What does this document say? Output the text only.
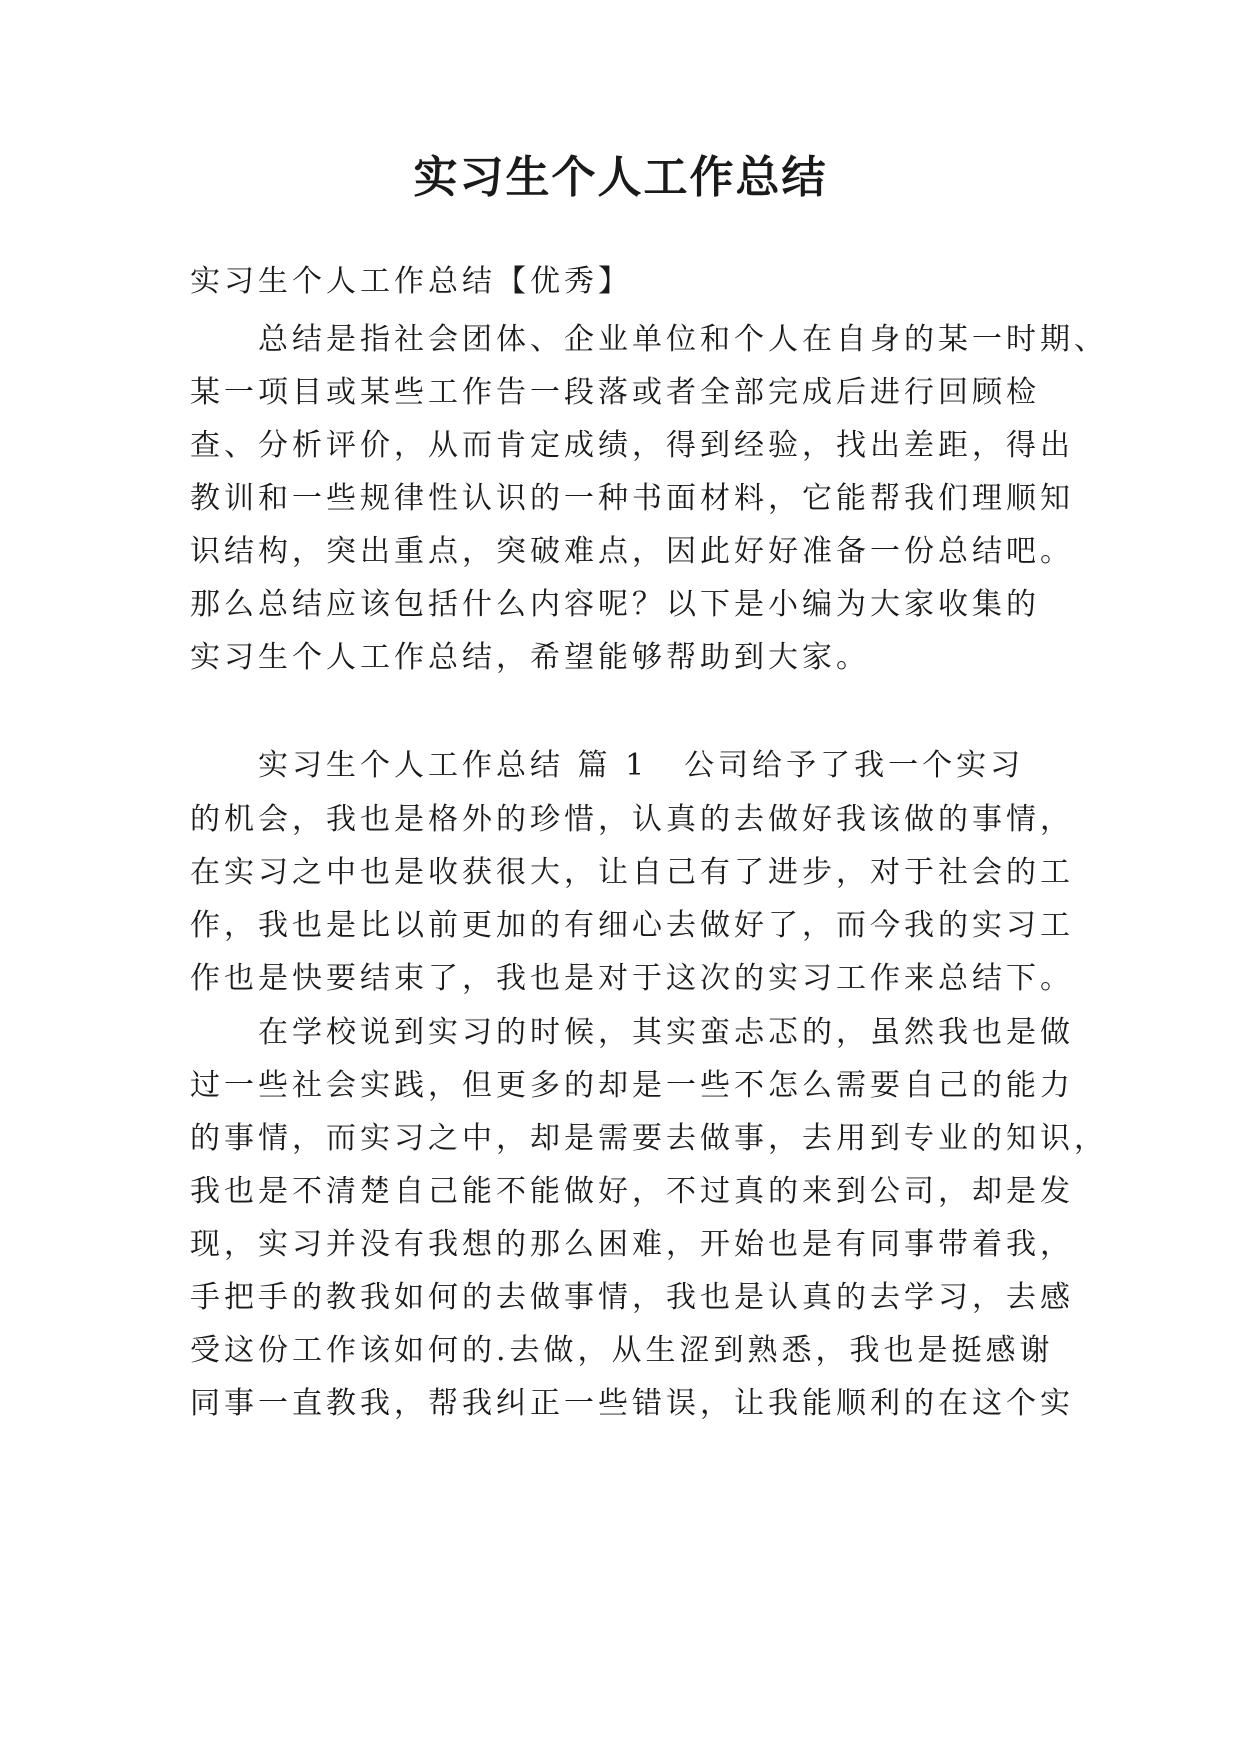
实习生个人工作总结
实习生个人工作总结【优秀】
总结是指社会团体、企业单位和个人在自身的某一时期、
某一项目或某些工作告一段落或者全部完成后进行回顾检
查、分析评价，从而肯定成绩，得到经验，找出差距，得出
教训和一些规律性认识的一种书面材料，它能帮我们理顺知
识结构，突出重点，突破难点，因此好好准备一份总结吧。
那么总结应该包括什么内容呢？以下是小编为大家收集的
实习生个人工作总结，希望能够帮助到大家。
实习生个人工作总结 篇 1 公司给予了我一个实习
的机会，我也是格外的珍惜，认真的去做好我该做的事情，
在实习之中也是收获很大，让自己有了进步，对于社会的工
作，我也是比以前更加的有细心去做好了，而今我的实习工
作也是快要结束了，我也是对于这次的实习工作来总结下。
在学校说到实习的时候，其实蛮忐忑的，虽然我也是做
过一些社会实践，但更多的却是一些不怎么需要自己的能力
的事情，而实习之中，却是需要去做事，去用到专业的知识，
我也是不清楚自己能不能做好，不过真的来到公司，却是发
现，实习并没有我想的那么困难，开始也是有同事带着我，
手把手的教我如何的去做事情，我也是认真的去学习，去感
受这份工作该如何的.去做，从生涩到熟悉，我也是挺感谢
同事一直教我，帮我纠正一些错误，让我能顺利的在这个实
